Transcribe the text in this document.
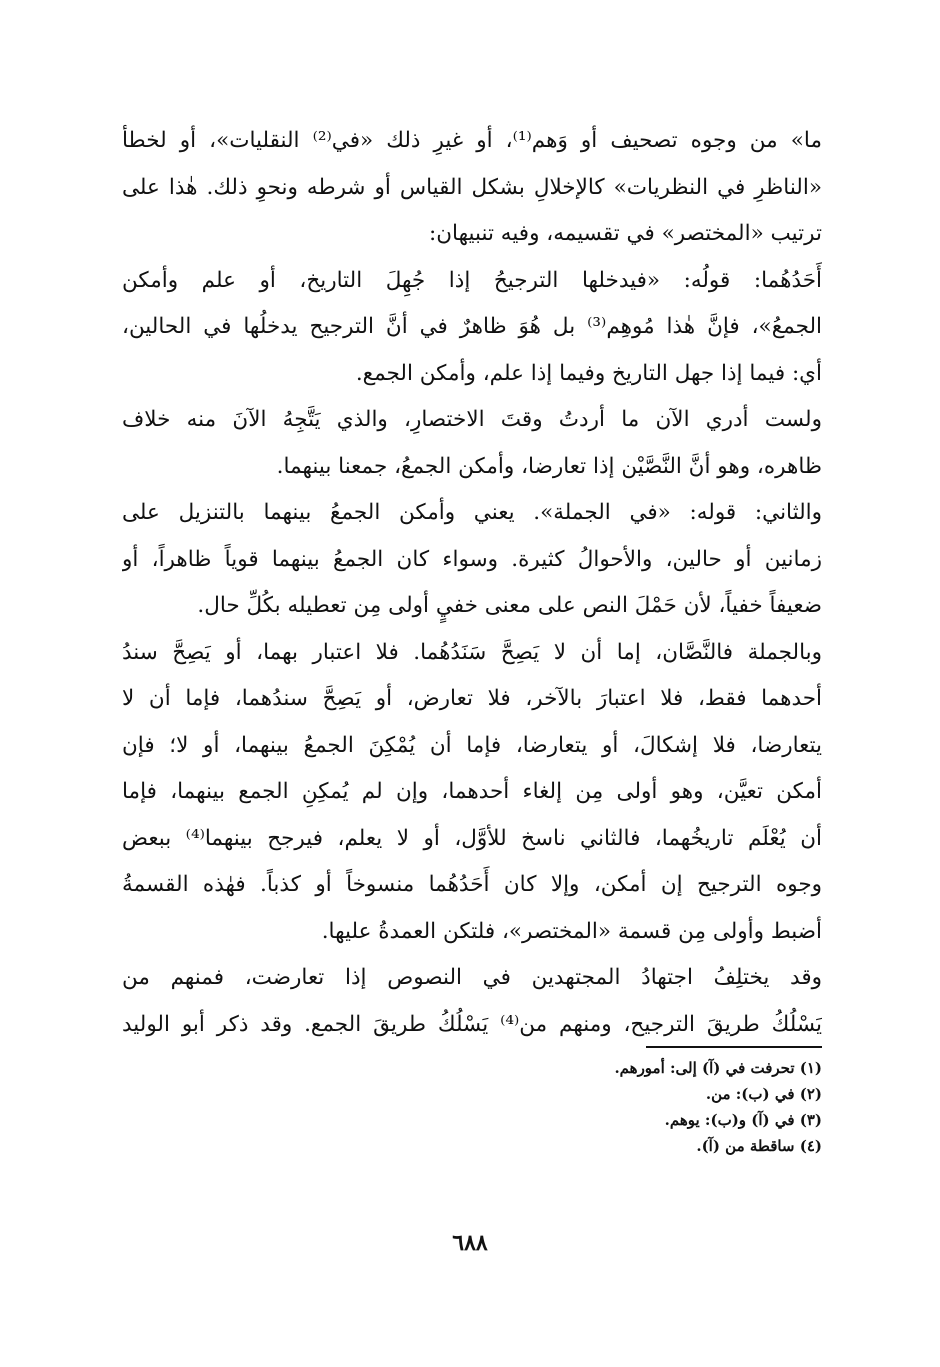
ما» من وجوه تصحيف أو وَهم⁽¹⁾، أو غيرِ ذلك «في⁽²⁾ النقليات»، أو لخطأ
«الناظرِ في النظريات» كالإخلالِ بشكل القياس أو شرطه ونحوِ ذلك. هٰذا على
ترتيب «المختصر» في تقسيمه، وفيه تنبيهان:
أَحَدُهُما: قولُه: «فيدخلها الترجيحُ إذا جُهِلَ التاريخ، أو علم وأمكن
الجمعُ»، فإنَّ هٰذا مُوهِم⁽³⁾ بل هُوَ ظاهرٌ في أنَّ الترجيح يدخلُها في الحالين،
أي: فيما إذا جهل التاريخ وفيما إذا علم، وأمكن الجمع.
ولست أدري الآن ما أردتُ وقتَ الاختصارِ، والذي يَتَّجِهُ الآنَ منه خلاف
ظاهره، وهو أنَّ النَّصَّيْن إذا تعارضا، وأمكن الجمعُ، جمعنا بينهما.
والثاني: قوله: «في الجملة». يعني وأمكن الجمعُ بينهما بالتنزيل على
زمانين أو حالين، والأحوالُ كثيرة. وسواء كان الجمعُ بينهما قوياً ظاهراً، أو
ضعيفاً خفياً، لأن حَمْلَ النص على معنى خفيٍ أولى مِن تعطيله بكُلِّ حال.
وبالجملة فالنَّصَّان، إما أن لا يَصِحَّ سَنَدُهُما. فلا اعتبار بهما، أو يَصِحَّ سندُ
أحدهما فقط، فلا اعتبارَ بالآخر، فلا تعارض، أو يَصِحَّ سندُهما، فإما أن لا
يتعارضا، فلا إشكالَ، أو يتعارضا، فإما أن يُمْكِنَ الجمعُ بينهما، أو لا؛ فإن
أمكن تعيَّن، وهو أولى مِن إلغاء أحدهما، وإن لم يُمكِنِ الجمع بينهما، فإما
أن يُعْلَم تاريخُهما، فالثاني ناسخ للأوَّل، أو لا يعلم، فيرجح بينهما⁽⁴⁾ ببعض
وجوه الترجيح إن أمكن، وإلا كان أَحَدُهُما منسوخاً أو كذباً. فهٰذه القسمةُ
أضبط وأولى مِن قسمة «المختصر»، فلتكن العمدةُ عليها.
وقد يختلِفُ اجتهادُ المجتهدين في النصوص إذا تعارضت، فمنهم من
يَسْلُكُ طريقَ الترجيح، ومنهم من⁽⁴⁾ يَسْلُكُ طريقَ الجمع. وقد ذكر أبو الوليد
(١) تحرفت في (آ) إلى: أمورهم.
(٢) في (ب): من.
(٣) في (آ) و(ب): يوهم.
(٤) ساقطة من (آ).
٦٨٨
